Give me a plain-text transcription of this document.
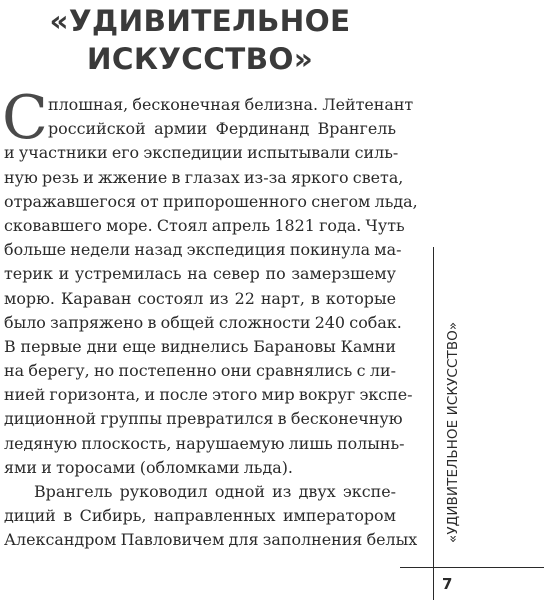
«УДИВИТЕЛЬНОЕ
ИСКУССТВО»
С плошная, бесконечная белизна. Лейтенант
российской армии Фердинанд Врангель
и участники его экспедиции испытывали силь-
ную резь и жжение в глазах из-за яркого света,
отражавшегося от припорошенного снегом льда,
сковавшего море. Стоял апрель 1821 года. Чуть
больше недели назад экспедиция покинула ма-
терик и устремилась на север по замерзшему
морю. Караван состоял из 22 нарт, в которые
было запряжено в общей сложности 240 собак.
В первые дни еще виднелись Барановы Камни
на берегу, но постепенно они сравнялись с ли-
нией горизонта, и после этого мир вокруг экспе-
диционной группы превратился в бесконечную
ледяную плоскость, нарушаемую лишь полынь-
ями и торосами (обломками льда).
Врангель руководил одной из двух экспе-
диций в Сибирь, направленных императором
Александром Павловичем для заполнения белых «УДИВИТЕЛЬНОЕ ИСКУССТВО»
7
